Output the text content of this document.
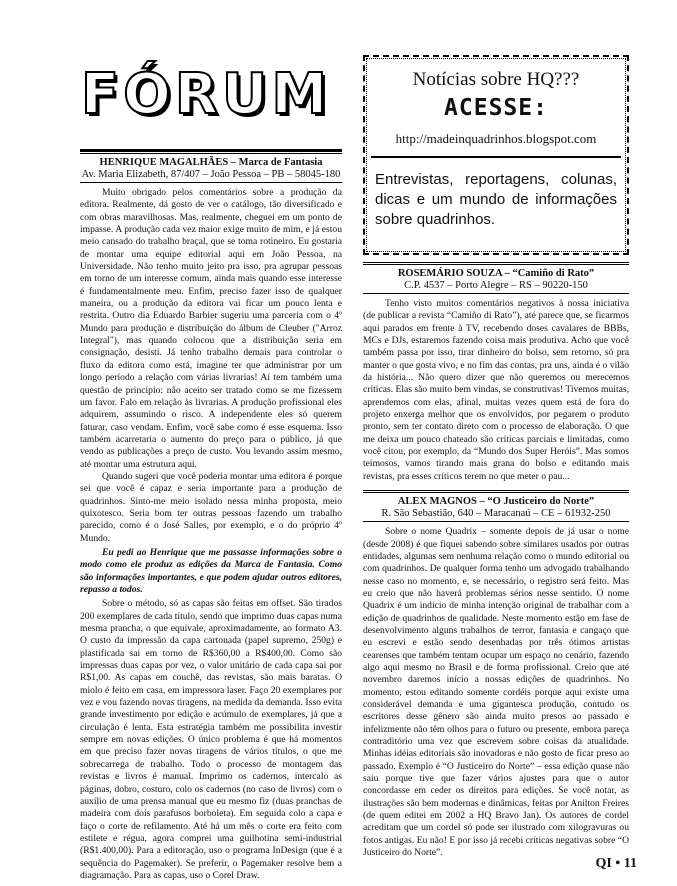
FÓRUM
HENRIQUE MAGALHÃES – Marca de Fantasia
Av. Maria Elizabeth, 87/407 – João Pessoa – PB – 58045-180

Muito obrigado pelos comentários sobre a produção da editora. Realmente, dá gosto de ver o catálogo, tão diversificado e com obras maravilhosas. Mas, realmente, cheguei em um ponto de impasse. A produção cada vez maior exige muito de mim, e já estou meio cansado do trabalho braçal, que se toma rotineiro. Eu gostaria de montar uma equipe editorial aqui em João Pessoa, na Universidade. Não tenho muito jeito pra isso, pra agrupar pessoas em torno de um interesse comum, ainda mais quando esse interesse é fundamentalmente meu. Enfim, preciso fazer isso de qualquer maneira, ou a produção da editora vai ficar um pouco lenta e restrita. Outro dia Eduardo Barbier sugeriu uma parceria com o 4º Mundo para produção e distribuição do álbum de Cleuber ("Arroz Integral"), mas quando colocou que a distribuição seria em consignação, desisti. Já tenho trabalho demais para controlar o fluxo da editora como está, imagine ter que administrar por um longo período a relação com várias livrarias! Aí tem também uma questão de princípio: não aceito ser tratado como se me fizessem um favor. Falo em relação às livrarias. A produção profissional eles adquirem, assumindo o risco. A independente eles só querem faturar, caso vendam. Enfim, você sabe como é esse esquema. Isso também acarretaria o aumento do preço para o público, já que vendo as publicações a preço de custo. Vou levando assim mesmo, até montar uma estrutura aqui.

Quando sugeri que você poderia montar uma editora é porque sei que você é capaz e seria importante para a produção de quadrinhos. Sinto-me meio isolado nessa minha proposta, meio quixotesco. Seria bom ter outras pessoas fazendo um trabalho parecido, como é o José Salles, por exemplo, e o do próprio 4º Mundo.

Eu pedi ao Henrique que me passasse informações sobre o modo como ele produz as edições da Marca de Fantasia. Como são informações importantes, e que podem ajudar outros editores, repasso a todos.

Sobre o método, só as capas são feitas em offset. São tirados 200 exemplares de cada título, sendo que imprimo duas capas numa mesma prancha, o que equivale, aproximadamente, ao formato A3. O custo da impressão da capa cartonada (papel supremo, 250g) e plastificada sai em torno de R$360,00 a R$400,00. Como são impressas duas capas por vez, o valor unitário de cada capa sai por R$1,00. As capas em couchê, das revistas, são mais baratas. O miolo é feito em casa, em impressora laser. Faço 20 exemplares por vez e vou fazendo novas tiragens, na medida da demanda. Isso evita grande investimento por edição e acúmulo de exemplares, já que a circulação é lenta. Esta estratégia também me possibilita investir sempre em novas edições. O único problema é que há momentos em que preciso fazer novas tiragens de vários títulos, o que me sobrecarrega de trabalho. Todo o processo de montagem das revistas e livros é manual. Imprimo os cadernos, intercalo as páginas, dobro, costuro, colo os cadernos (no caso de livros) com o auxílio de uma prensa manual que eu mesmo fiz (duas pranchas de madeira com dois parafusos borboleta). Em seguida colo a capa e faço o corte de refilamento. Até há um mês o corte era feito com estilete e régua, agora comprei uma guilhotina semi-industrial (R$1.400,00). Para a editoração, uso o programa InDesign (que é a sequência do Pagemaker). Se preferir, o Pagemaker resolve bem a diagramação. Para as capas, uso o Corel Draw.

Notícias sobre HQ???
ACESSE:
http://madeinquadrinhos.blogspot.com
Entrevistas, reportagens, colunas, dicas e um mundo de informações sobre quadrinhos.
ROSEMÁRIO SOUZA – “Camiño di Rato”
C.P. 4537 – Porto Alegre – RS – 90220-150

Tenho visto muitos comentários negativos à nossa iniciativa (de publicar a revista “Camiño di Rato”), até parece que, se ficarmos aqui parados em frente à TV, recebendo doses cavalares de BBBs, MCs e DJs, estaremos fazendo coisa mais produtiva. Acho que você também passa por isso, tirar dinheiro do bolso, sem retorno, só pra manter o que gosta vivo, e no fim das contas, pra uns, ainda é o vilão da história... Não quero dizer que não queremos ou merecemos críticas. Elas são muito bem vindas, se construtivas! Tivemos muitas, aprendemos com elas, afinal, muitas vezes quem está de fora do projeto enxerga melhor que os envolvidos, por pegarem o produto pronto, sem ter contato direto com o processo de elaboração. O que me deixa um pouco chateado são críticas parciais e limitadas, como você citou, por exemplo, da “Mundo dos Super Heróis”. Mas somos teimosos, vamos tirando mais grana do bolso e editando mais revistas, pra esses críticos terem no que meter o pau...

ALEX MAGNOS – “O Justiceiro do Norte”
R. São Sebastião, 640 – Maracanaú – CE – 61932-250

Sobre o nome Quadrix – somente depois de já usar o nome (desde 2008) é que fiquei sabendo sobre similares usados por outras entidades, algumas sem nenhuma relação como o mundo editorial ou com quadrinhos. De qualquer forma tenho um advogado trabalhando nesse caso no momento, e, se necessário, o registro será feito. Mas eu creio que não haverá problemas sérios nesse sentido. O nome Quadrix é um indício de minha intenção original de trabalhar com a edição de quadrinhos de qualidade. Neste momento estão em fase de desenvolvimento alguns trabalhos de terror, fantasia e cangaço que eu escrevi e estão sendo desenhadas por três ótimos artistas cearenses que também tentam ocupar um espaço no cenário, fazendo algo aqui mesmo no Brasil e de forma profissional. Creio que até novembro daremos início a nossas edições de quadrinhos. No momento, estou editando somente cordéis porque aqui existe uma considerável demanda e uma gigantesca produção, contudo os escritores desse gênero são ainda muito presos ao passado e infelizmente não têm olhos para o futuro ou presente, embora pareça contraditório uma vez que escrevem sobre coisas da atualidade. Minhas idéias editoriais são inovadoras e não gosto de ficar preso ao passado. Exemplo é “O Justiceiro do Norte” – essa edição quase não saiu porque tive que fazer vários ajustes para que o autor concordasse em ceder os direitos para edições. Se você notar, as ilustrações são bem modernas e dinâmicas, feitas por Anilton Freires (de quem editei em 2002 a HQ Bravo Jan). Os autores de cordel acreditam que um cordel só pode ser ilustrado com xilogravuras ou fotos antigas. Eu não! E por isso já recebi críticas negativas sobre “O Justiceiro do Norte”.

QI • 11
